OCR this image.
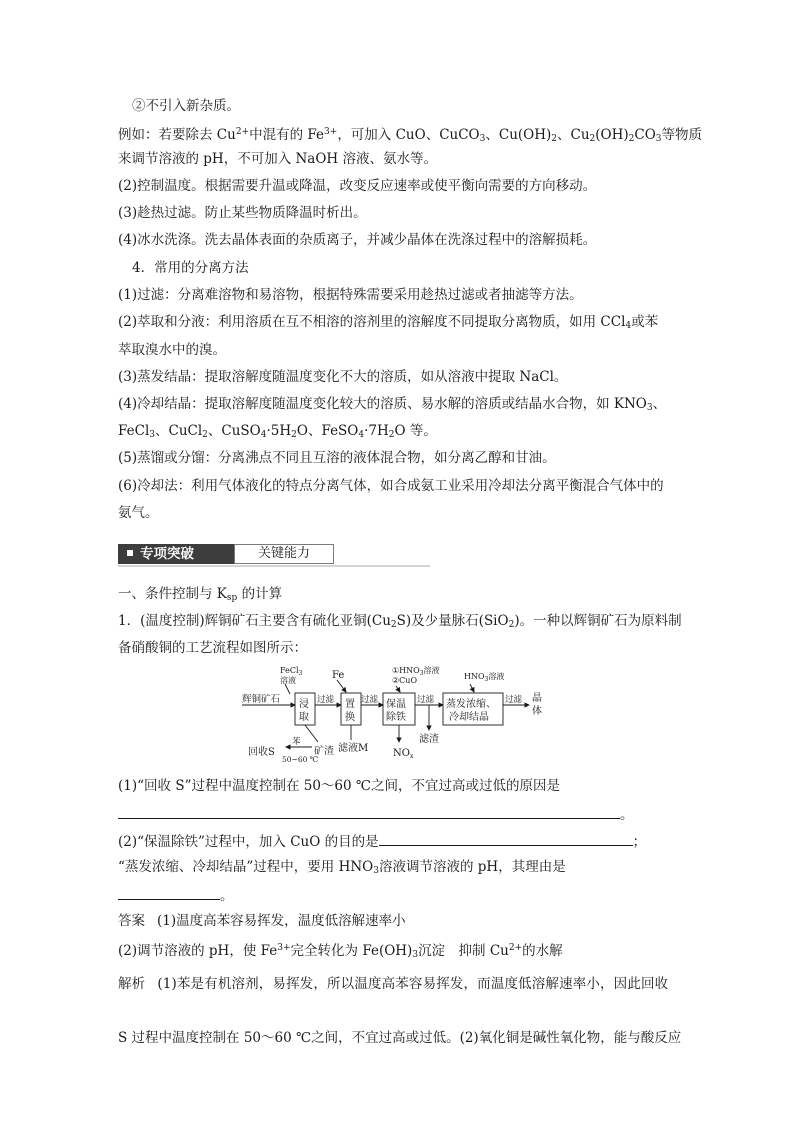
②不引入新杂质。
例如：若要除去 $Cu^{2+}$中混有的 $Fe^{3+}$，可加入 CuO、CuCO$_3$、$Cu(OH)_2$、$Cu_2(OH)_2CO_3$等物质
来调节溶液的 pH，不可加入 NaOH 溶液、氨水等。
(2)控制温度。根据需要升温或降温，改变反应速率或使平衡向需要的方向移动。
(3)趁热过滤。防止某些物质降温时析出。
(4)冰水洗涤。洗去晶体表面的杂质离子，并减少晶体在洗涤过程中的溶解损耗。
4．常用的分离方法
(1)过滤：分离难溶物和易溶物，根据特殊需要采用趁热过滤或者抽滤等方法。
(2)萃取和分液：利用溶质在互不相溶的溶剂里的溶解度不同提取分离物质，如用 CCl$_4$或苯
萃取溴水中的溴。
(3)蒸发结晶：提取溶解度随温度变化不大的溶质，如从溶液中提取 NaCl。
(4)冷却结晶：提取溶解度随温度变化较大的溶质、易水解的溶质或结晶水合物，如 $KNO_3$、
FeCl$_3$、CuCl$_2$、$CuSO_4\cdot 5H_2O$、$FeSO_4\cdot 7H_2O$ 等。
(5)蒸馏或分馏：分离沸点不同且互溶的液体混合物，如分离乙醇和甘油。
(6)冷却法：利用气体液化的特点分离气体，如合成氨工业采用冷却法分离平衡混合气体中的
氨气。
专项突破	关键能力
一、条件控制与 $K_{sp}$ 的计算
1．(温度控制)辉铜矿石主要含有硫化亚铜$(Cu_2S)$及少量脉石(SiO$_2$)。一种以辉铜矿石为原料制
备硝酸铜的工艺流程如图所示：
辉铜矿石
FeCl$_3$
溶液
浸
取
过滤
Fe
置
换
过滤
$①HNO_3$溶液
②CuO
保温
除铁
过滤
$HNO_3$溶液
蒸发浓缩、
冷却结晶
过滤 晶
体
苯
50~60 ℃
回收S	矿渣 滤液M $NO_x$
滤渣
(1)“回收 S”过程中温度控制在 50～60 ℃之间，不宜过高或过低的原因是
。
(2)“保温除铁”过程中，加入 CuO 的目的是	；
“蒸发浓缩、冷却结晶”过程中，要用 $HNO_3$溶液调节溶液的 pH，其理由是
。
答案 (1)温度高苯容易挥发，温度低溶解速率小
(2)调节溶液的 pH，使 $Fe^{3+}$完全转化为 $Fe(OH)_3$沉淀　抑制 $Cu^{2+}$的水解
解析 (1)苯是有机溶剂，易挥发，所以温度高苯容易挥发，而温度低溶解速率小，因此回收
S 过程中温度控制在 50～60 ℃之间，不宜过高或过低。(2)氧化铜是碱性氧化物，能与酸反应
